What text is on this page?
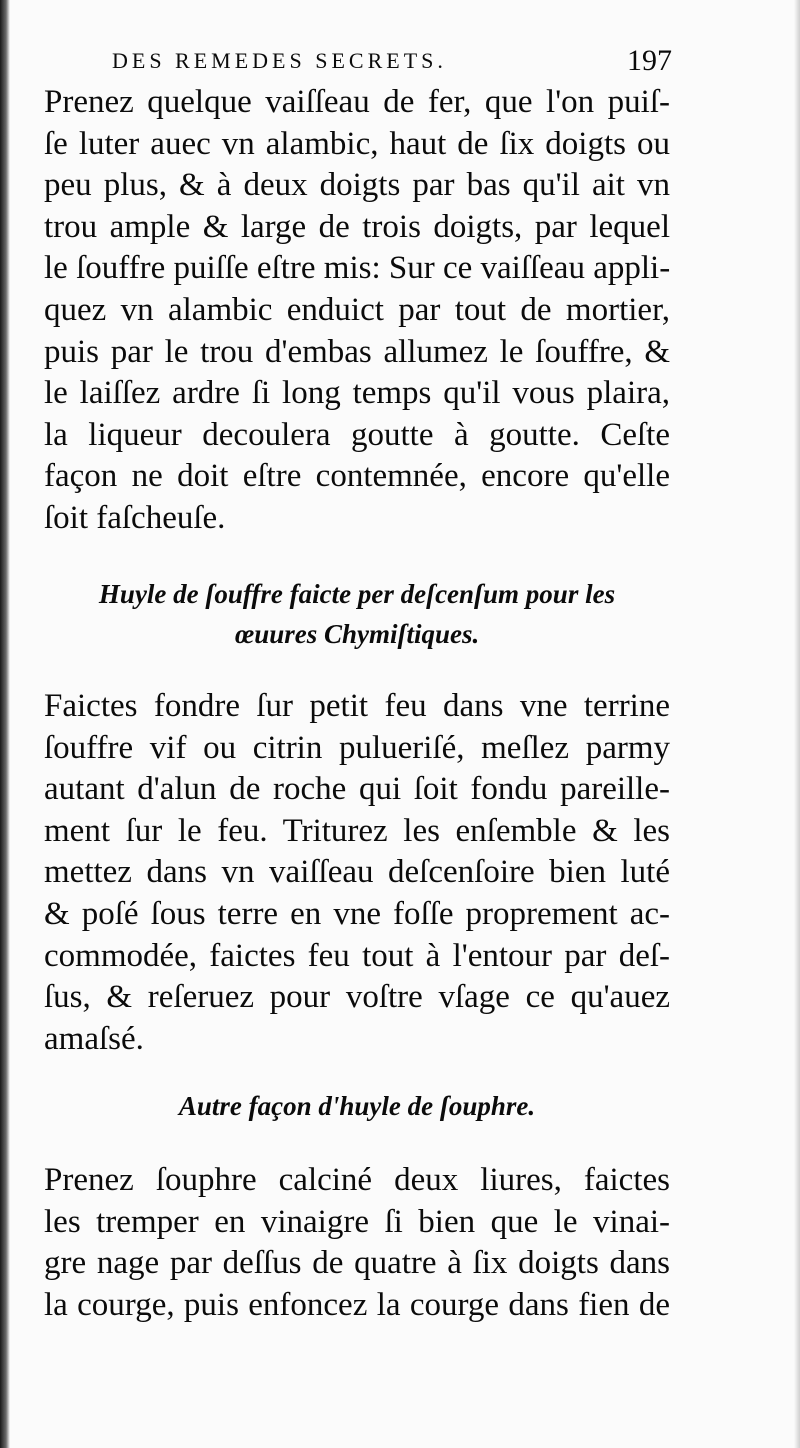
DES REMEDES SECRETS.	197
Prenez quelque vaiſſeau de fer, que l'on puiſ-
ſe luter auec vn alambic, haut de ſix doigts ou
peu plus, & à deux doigts par bas qu'il ait vn
trou ample & large de trois doigts, par lequel
le ſouffre puiſſe eſtre mis: Sur ce vaiſſeau appli-
quez vn alambic enduict par tout de mortier,
puis par le trou d'embas allumez le ſouffre, &
le laiſſez ardre ſi long temps qu'il vous plaira,
la liqueur decoulera goutte à goutte. Ceſte
façon ne doit eſtre contemnée, encore qu'elle
ſoit faſcheuſe.
Huyle de ſouffre faicte per deſcenſum pour les
œuures Chymiſtiques.
Faictes fondre ſur petit feu dans vne terrine
ſouffre vif ou citrin pulueriſé, meſlez parmy
autant d'alun de roche qui ſoit fondu pareille-
ment ſur le feu. Triturez les enſemble & les
mettez dans vn vaiſſeau deſcenſoire bien luté
& poſé ſous terre en vne foſſe proprement ac-
commodée, faictes feu tout à l'entour par deſ-
ſus, & reſeruez pour voſtre vſage ce qu'auez
amaſsé.
Autre façon d'huyle de ſouphre.
Prenez ſouphre calciné deux liures, faictes
les tremper en vinaigre ſi bien que le vinai-
gre nage par deſſus de quatre à ſix doigts dans
la courge, puis enfoncez la courge dans fien de
